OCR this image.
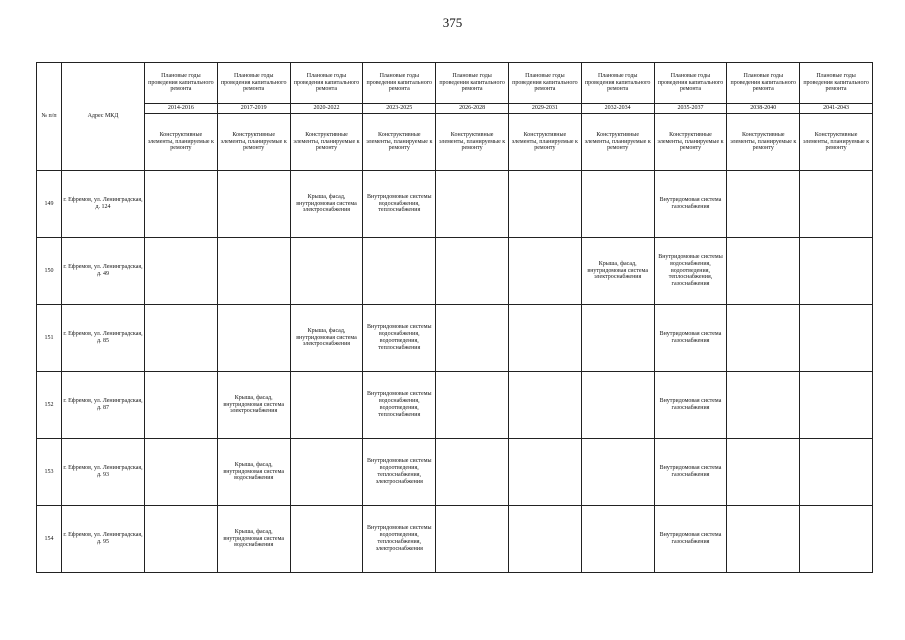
375
№ п/п	Адрес МКД	Плановые годы проведения капитального ремонта	Плановые годы проведения капитального ремонта	Плановые годы проведения капитального ремонта	Плановые годы проведения капитального ремонта	Плановые годы проведения капитального ремонта	Плановые годы проведения капитального ремонта	Плановые годы проведения капитального ремонта	Плановые годы проведения капитального ремонта	Плановые годы проведения капитального ремонта	Плановые годы проведения капитального ремонта
		2014-2016	2017-2019	2020-2022	2023-2025	2026-2028	2029-2031	2032-2034	2035-2037	2038-2040	2041-2043
		Конструктивные элементы, планируемые к ремонту	Конструктивные элементы, планируемые к ремонту	Конструктивные элементы, планируемые к ремонту	Конструктивные элементы, планируемые к ремонту	Конструктивные элементы, планируемые к ремонту	Конструктивные элементы, планируемые к ремонту	Конструктивные элементы, планируемые к ремонту	Конструктивные элементы, планируемые к ремонту	Конструктивные элементы, планируемые к ремонту	Конструктивные элементы, планируемые к ремонту
149	г. Ефремов, ул. Ленинградская, д. 124			Крыша, фасад, внутридомовая система электроснабжения	Внутридомовые системы водоснабжения, теплоснабжения				Внутридомовая система газоснабжения		
150	г. Ефремов, ул. Ленинградская, д. 49							Крыша, фасад, внутридомовая система электроснабжения	Внутридомовые системы водоснабжения, водоотведения, теплоснабжения, газоснабжения		
151	г. Ефремов, ул. Ленинградская, д. 85			Крыша, фасад, внутридомовая система электроснабжения	Внутридомовые системы водоснабжения, водоотведения, теплоснабжения				Внутридомовая система газоснабжения		
152	г. Ефремов, ул. Ленинградская, д. 87		Крыша, фасад, внутридомовая система электроснабжения		Внутридомовые системы водоснабжения, водоотведения, теплоснабжения				Внутридомовая система газоснабжения		
153	г. Ефремов, ул. Ленинградская, д. 93		Крыша, фасад, внутридомовая система водоснабжения		Внутридомовые системы водоотведения, теплоснабжения, электроснабжения				Внутридомовая система газоснабжения		
154	г. Ефремов, ул. Ленинградская, д. 95		Крыша, фасад, внутридомовая система водоснабжения		Внутридомовые системы водоотведения, теплоснабжения, электроснабжения				Внутридомовая система газоснабжения		
